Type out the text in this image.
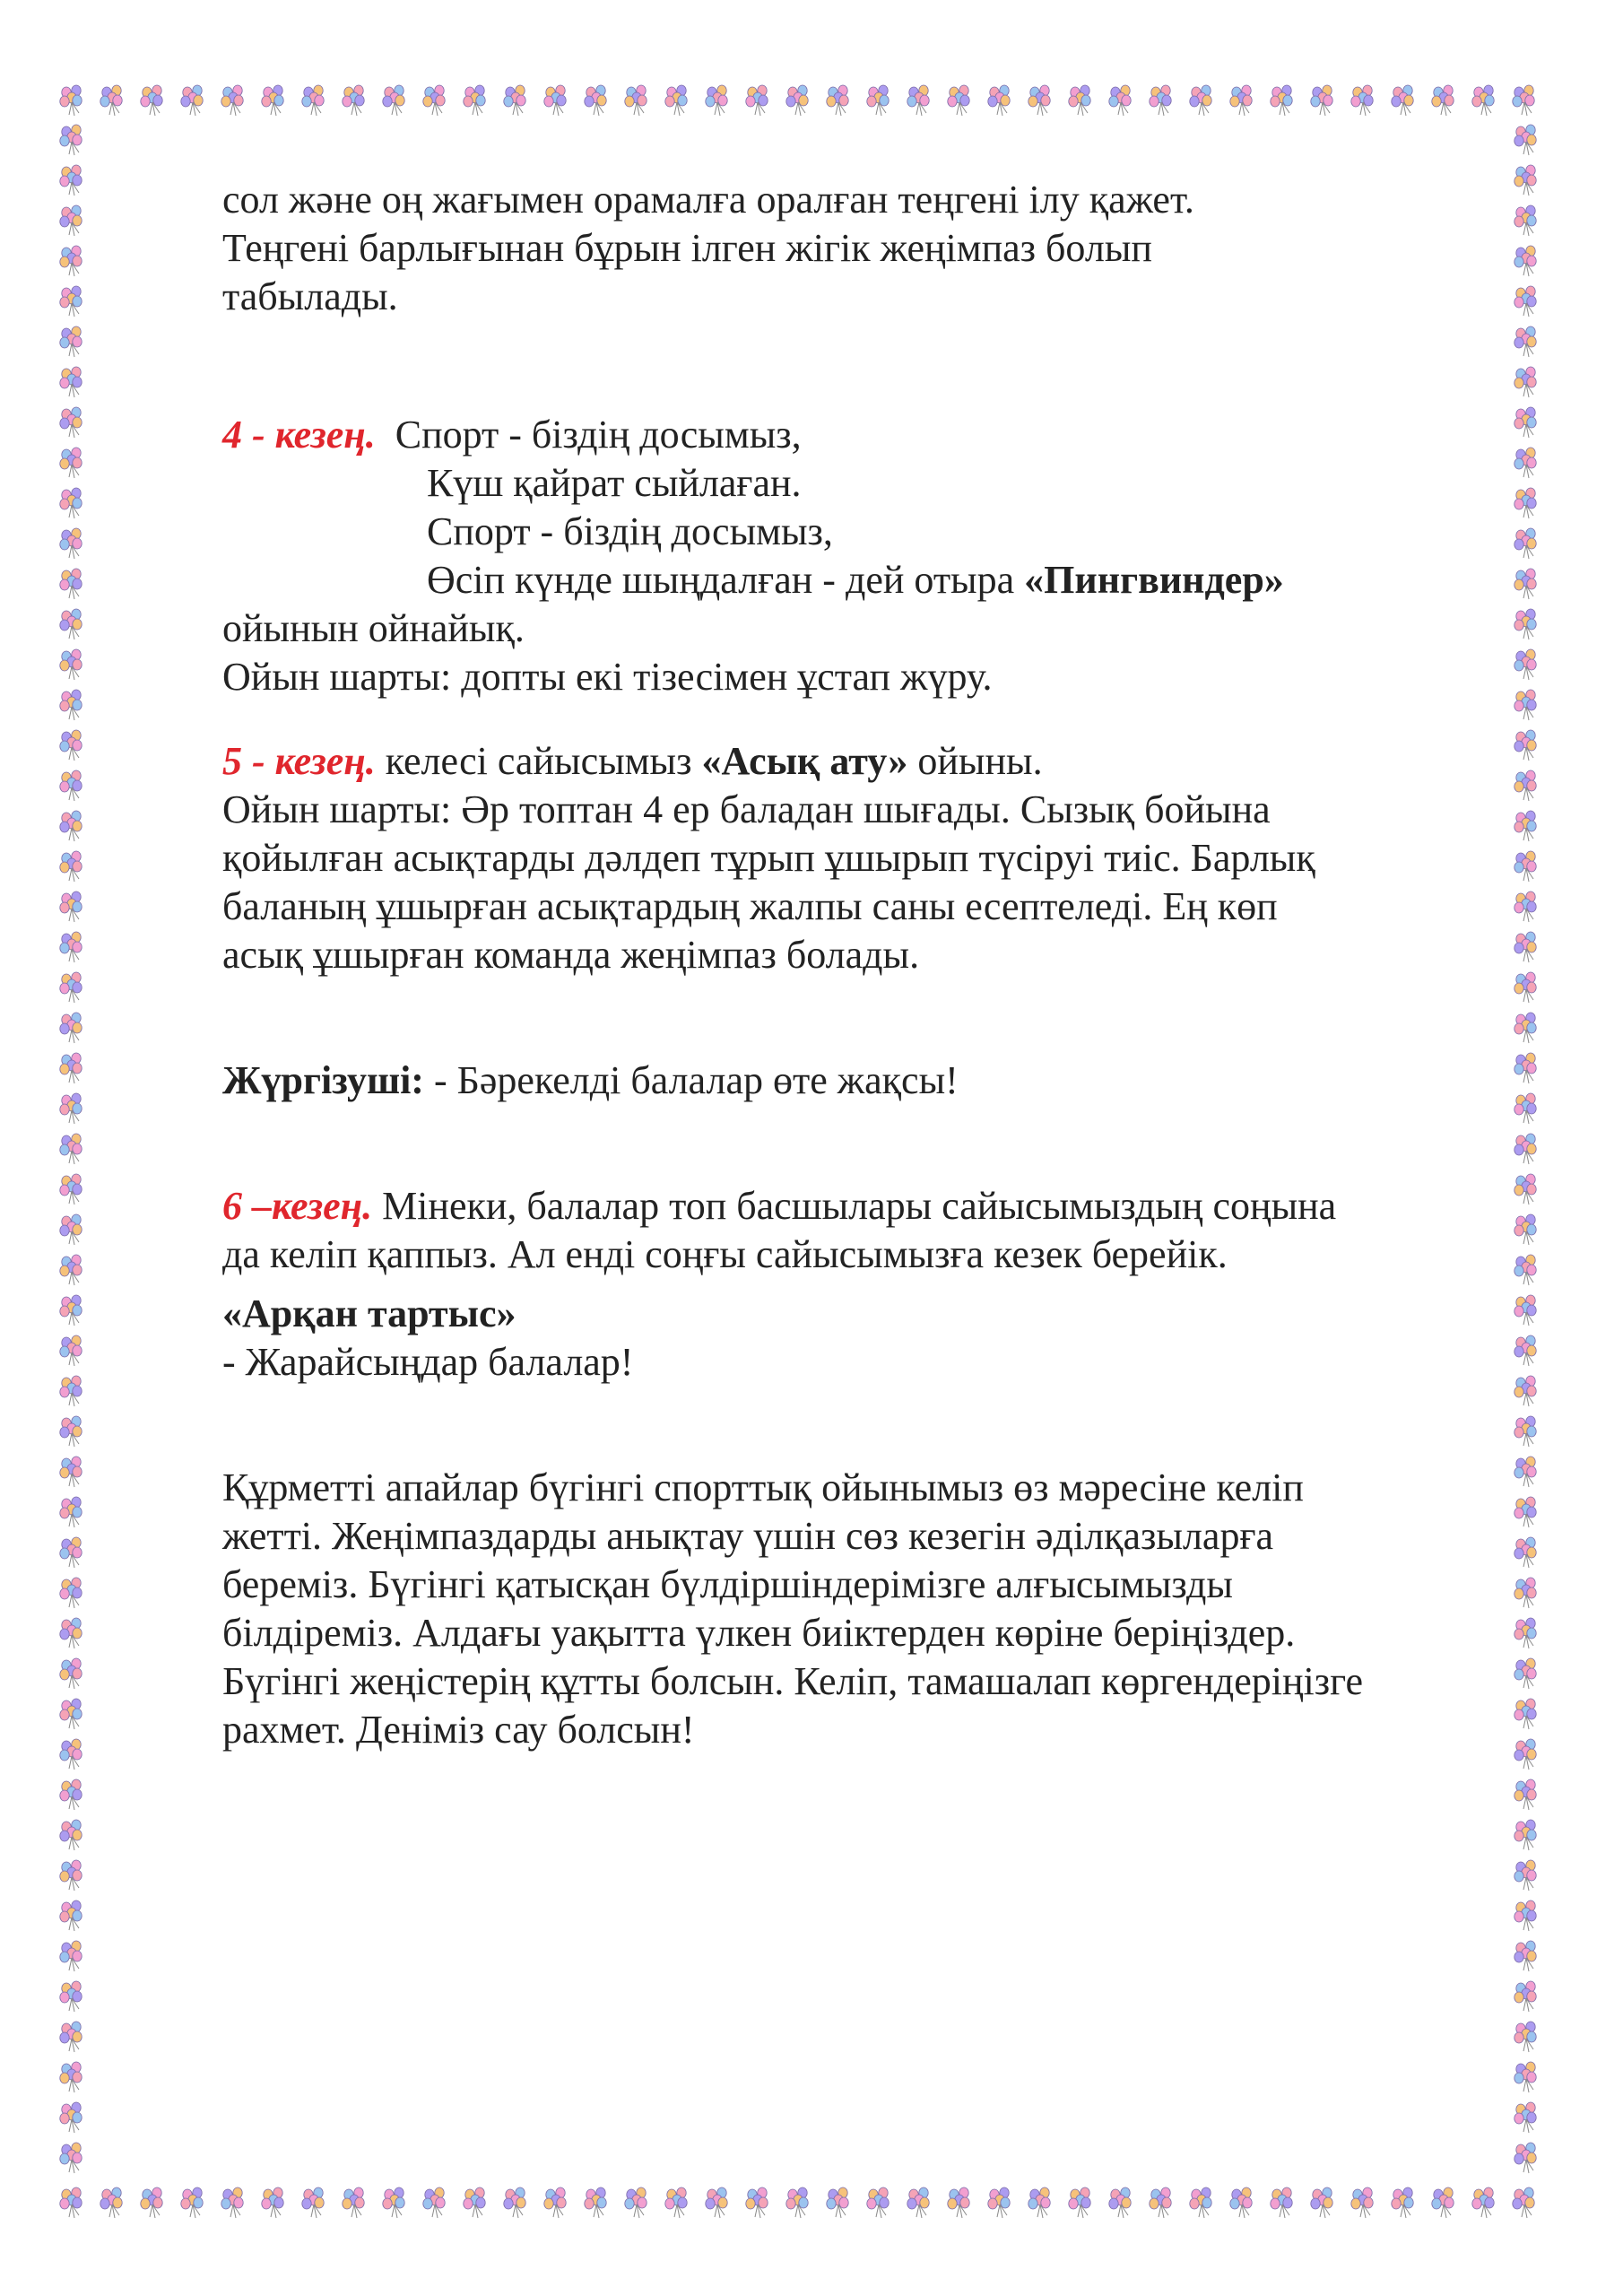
сол және оң жағымен орамалға оралған теңгені ілу қажет.

Теңгені барлығынан бұрын ілген жігік жеңімпаз болып

табылады.

4 - кезең. Спорт - біздің досымыз,

Күш қайрат сыйлаған.

Спорт - біздің досымыз,

Өсіп күнде шыңдалған - дей отыра «Пингвиндер»

ойынын ойнайық.

Ойын шарты: допты екі тізесімен ұстап жүру.

5 - кезең. келесі сайысымыз «Асық ату» ойыны.

Ойын шарты: Әр топтан 4 ер баладан шығады. Сызық бойына

қойылған асықтарды дәлдеп тұрып ұшырып түсіруі тиіс. Барлық

баланың ұшырған асықтардың жалпы саны есептеледі. Ең көп

асық ұшырған команда жеңімпаз болады.

Жүргізуші: - Бәрекелді балалар өте жақсы!

6 –кезең. Мінеки, балалар топ басшылары сайысымыздың соңына

да келіп қаппыз. Ал енді соңғы сайысымызға кезек берейік.

«Арқан тартыс»

- Жарайсыңдар балалар!

Құрметті апайлар бүгінгі спорттық ойынымыз өз мәресіне келіп

жетті. Жеңімпаздарды анықтау үшін сөз кезегін әділқазыларға

береміз. Бүгінгі қатысқан бүлдіршіндерімізге алғысымызды

білдіреміз. Алдағы уақытта үлкен биіктерден көріне беріңіздер.

Бүгінгі жеңістерің құтты болсын. Келіп, тамашалап көргендеріңізге

рахмет. Деніміз сау болсын!
